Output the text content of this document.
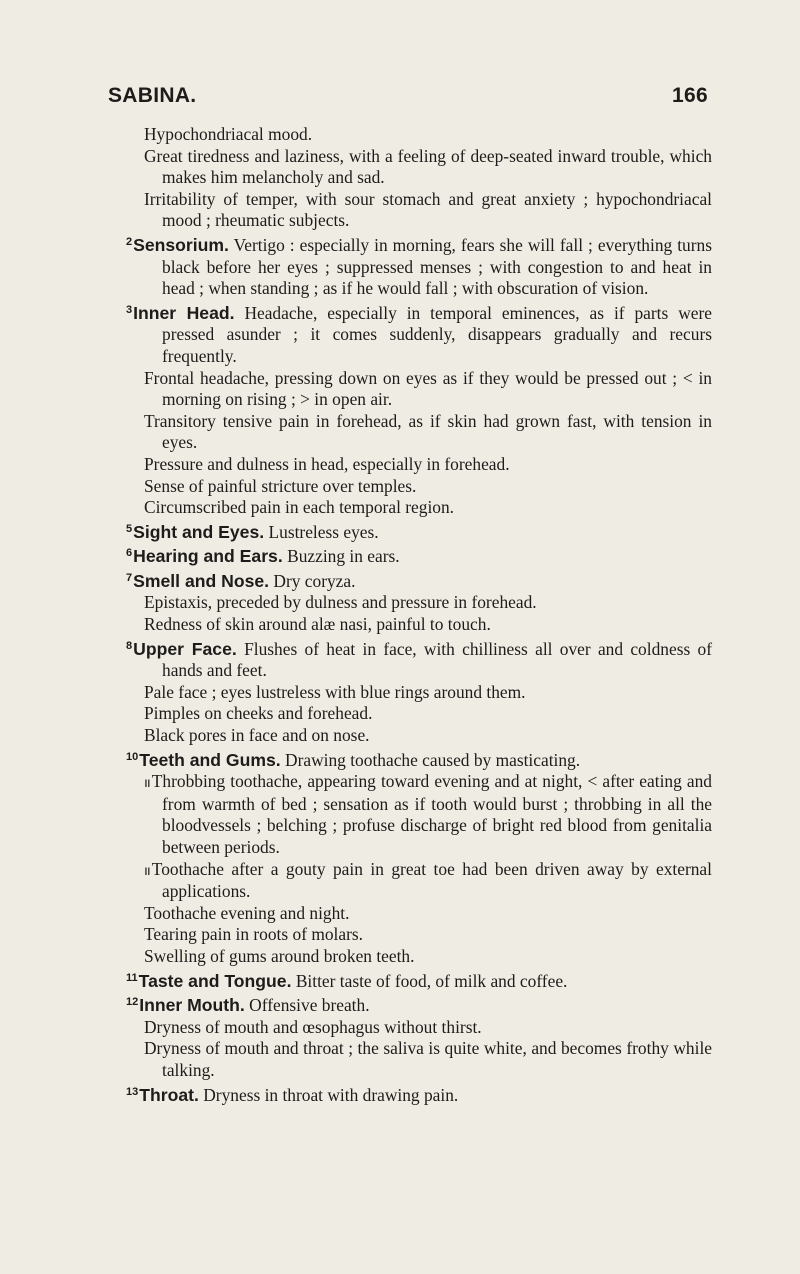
SABINA.	166

Hypochondriacal mood.

Great tiredness and laziness, with a feeling of deep-seated inward trouble, which makes him melancholy and sad.

Irritability of temper, with sour stomach and great anxiety ; hypochondriacal mood ; rheumatic subjects.

$^2$Sensorium. Vertigo : especially in morning, fears she will fall ; everything turns black before her eyes ; suppressed menses ; with congestion to and heat in head ; when standing ; as if he would fall ; with obscuration of vision.

$^3$Inner Head. Headache, especially in temporal eminences, as if parts were pressed asunder ; it comes suddenly, disappears gradually and recurs frequently.

Frontal headache, pressing down on eyes as if they would be pressed out ; < in morning on rising ; > in open air.

Transitory tensive pain in forehead, as if skin had grown fast, with tension in eyes.

Pressure and dulness in head, especially in forehead.

Sense of painful stricture over temples.

Circumscribed pain in each temporal region.

$^5$Sight and Eyes. Lustreless eyes.

$^6$Hearing and Ears. Buzzing in ears.

$^7$Smell and Nose. Dry coryza.

Epistaxis, preceded by dulness and pressure in forehead.

Redness of skin around alæ nasi, painful to touch.

$^8$Upper Face. Flushes of heat in face, with chilliness all over and coldness of hands and feet.

Pale face ; eyes lustreless with blue rings around them.

Pimples on cheeks and forehead.

Black pores in face and on nose.

$^{10}$Teeth and Gums. Drawing toothache caused by masticating.

ıı Throbbing toothache, appearing toward evening and at night, < after eating and from warmth of bed ; sensation as if tooth would burst ; throbbing in all the bloodvessels ; belching ; profuse discharge of bright red blood from genitalia between periods.

ıı Toothache after a gouty pain in great toe had been driven away by external applications.

Toothache evening and night.

Tearing pain in roots of molars.

Swelling of gums around broken teeth.

$^{11}$Taste and Tongue. Bitter taste of food, of milk and coffee.

$^{12}$Inner Mouth. Offensive breath.

Dryness of mouth and œsophagus without thirst.

Dryness of mouth and throat ; the saliva is quite white, and becomes frothy while talking.

$^{13}$Throat. Dryness in throat with drawing pain.
